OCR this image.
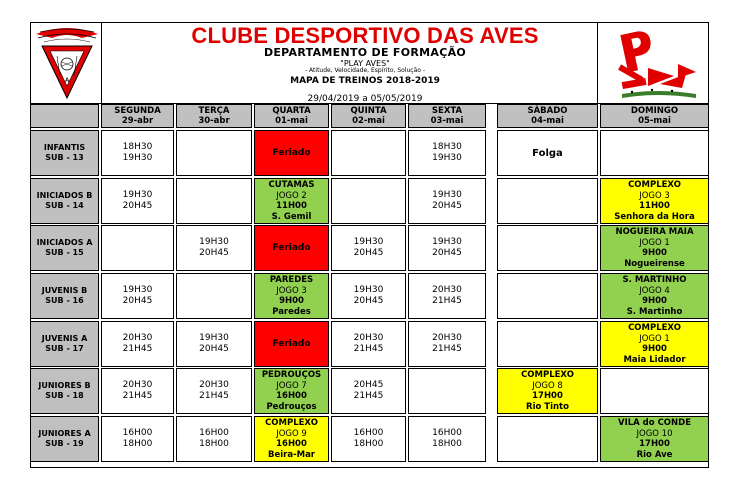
A
CLUBE DESPORTIVO DAS AVES
DEPARTAMENTO DE FORMAÇÃO
"PLAY AVES"
- Atitude, Velocidade, Espírito, Solução -
MAPA DE TREINOS 2018-2019
29/04/2019 a 05/05/2019
SEGUNDA
29-abr
TERÇA
30-abr
QUARTA
01-mai
QUINTA
02-mai
SEXTA
03-mai
SÁBADO
04-mai
DOMINGO
05-mai
INFANTIS
SUB - 13
18H30
19H30
Feriado
18H30
19H30	Folga
INICIADOS B
SUB - 14
19H30
20H45
CUTAMAS
JOGO 2
11H00
S. Gemil
19H30
20H45
COMPLEXO
JOGO 3
11H00
Senhora da Hora
INICIADOS A
SUB - 15
19H30
20H45
Feriado
19H30
20H45
19H30
20H45
NOGUEIRA MAIA
JOGO 1
9H00
Nogueirense
JUVENIS B
SUB - 16
19H30
20H45
PAREDES
JOGO 3
9H00
Paredes
19H30
20H45
20H30
21H45
S. MARTINHO
JOGO 4
9H00
S. Martinho
JUVENIS A
SUB - 17
20H30
21H45
19H30
20H45
Feriado
20H30
21H45
20H30
21H45
COMPLEXO
JOGO 1
9H00
Maia Lidador
JUNIORES B
SUB - 18
20H30
21H45
20H30
21H45
PEDROUÇOS
JOGO 7
16H00
Pedrouços
20H45
21H45
COMPLEXO
JOGO 8
17H00
Rio Tinto
JUNIORES A
SUB - 19
16H00
18H00
16H00
18H00
COMPLEXO
JOGO 9
16H00
Beira-Mar
16H00
18H00
16H00
18H00
VILA do CONDE
JOGO 10
17H00
Rio Ave
